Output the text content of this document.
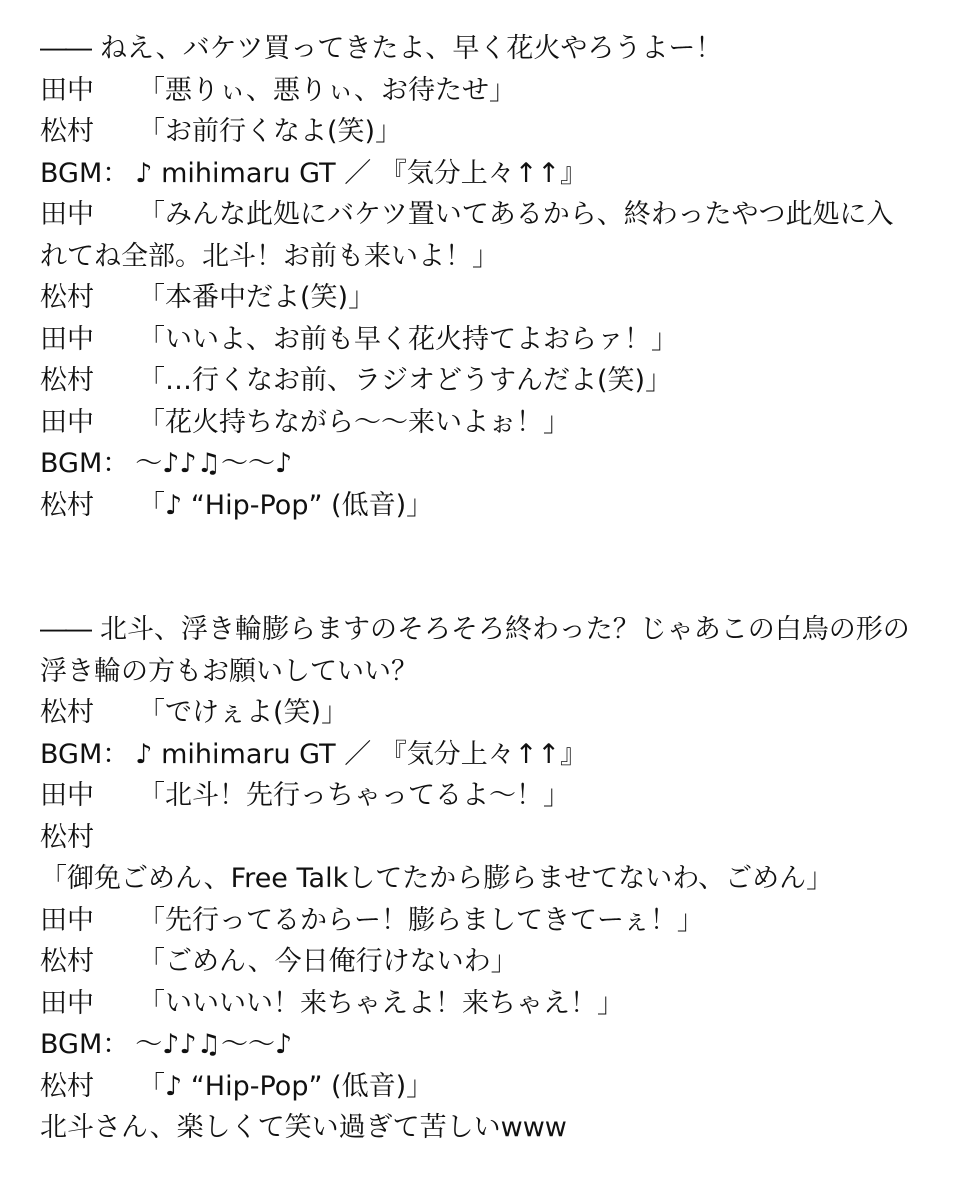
―― ねえ、バケツ買ってきたよ、早く花火やろうよー！
田中 「悪りぃ、悪りぃ、お待たせ」
松村 「お前行くなよ(笑)」
BGM： ♪ mihimaru GT ／ 『気分上々↑↑』
田中 「みんな此処にバケツ置いてあるから、終わったやつ此処に入れてね全部。北斗！お前も来いよ！」
松村 「本番中だよ(笑)」
田中 「いいよ、お前も早く花火持てよおらァ！」
松村 「…行くなお前、ラジオどうすんだよ(笑)」
田中 「花火持ちながら〜〜来いよぉ！」
BGM： 〜♪♪♫〜〜♪
松村 「♪ “Hip-Pop” (低音)」
―― 北斗、浮き輪膨らますのそろそろ終わった？じゃあこの白鳥の形の浮き輪の方もお願いしていい？
松村 「でけぇよ(笑)」
BGM： ♪ mihimaru GT ／ 『気分上々↑↑』
田中 「北斗！先行っちゃってるよ〜！」
松村「御免ごめん、Free Talkしてたから膨らませてないわ、ごめん」
田中 「先行ってるからー！膨らましてきてーぇ！」
松村 「ごめん、今日俺行けないわ」
田中 「いいいい！来ちゃえよ！来ちゃえ！」
BGM： 〜♪♪♫〜〜♪
松村 「♪ “Hip-Pop” (低音)」
北斗さん、楽しくて笑い過ぎて苦しいwww
